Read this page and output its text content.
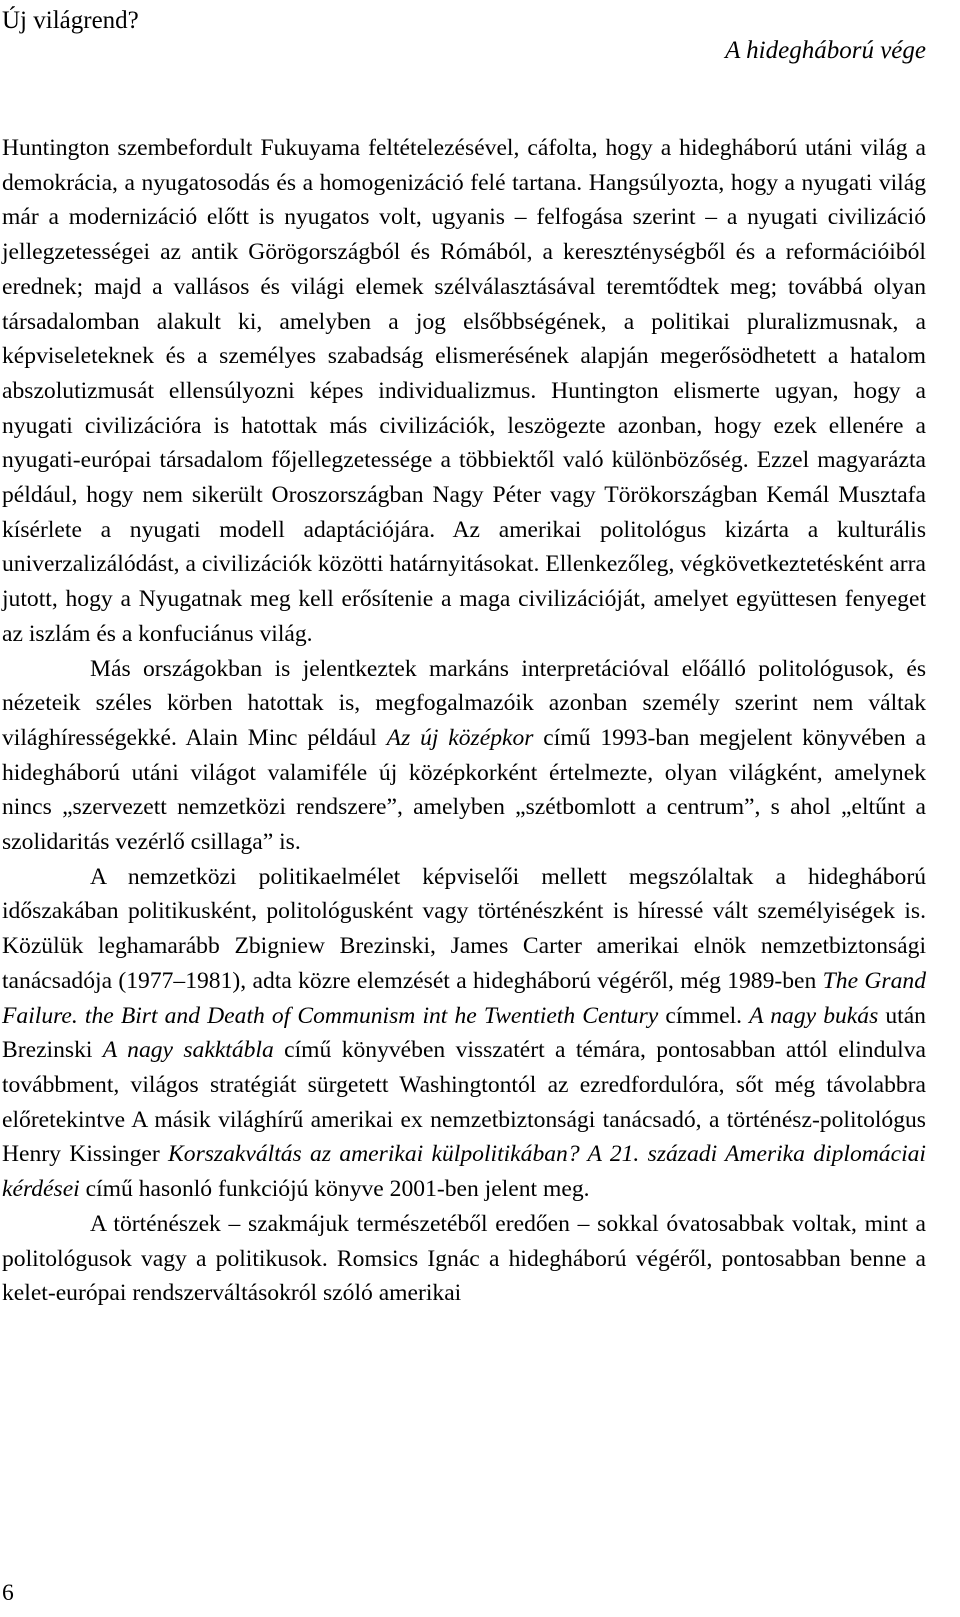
Új világrend?
A hidegháború vége

Huntington szembefordult Fukuyama feltételezésével, cáfolta, hogy a hidegháború utáni világ a demokrácia, a nyugatosodás és a homogenizáció felé tartana. Hangsúlyozta, hogy a nyugati világ már a modernizáció előtt is nyugatos volt, ugyanis – felfogása szerint – a nyugati civilizáció jellegzetességei az antik Görögországból és Rómából, a kereszténységből és a reformációiból erednek; majd a vallásos és világi elemek szélválasztásával teremtődtek meg; továbbá olyan társadalomban alakult ki, amelyben a jog elsőbbségének, a politikai pluralizmusnak, a képviseleteknek és a személyes szabadság elismerésének alapján megerősödhetett a hatalom abszolutizmusát ellensúlyozni képes individualizmus. Huntington elismerte ugyan, hogy a nyugati civilizációra is hatottak más civilizációk, leszögezte azonban, hogy ezek ellenére a nyugati-európai társadalom főjellegzetessége a többiektől való különbözőség. Ezzel magyarázta például, hogy nem sikerült Oroszországban Nagy Péter vagy Törökországban Kemál Musztafa kísérlete a nyugati modell adaptációjára. Az amerikai politológus kizárta a kulturális univerzalizálódást, a civilizációk közötti határnyitásokat. Ellenkezőleg, végkövetkeztetésként arra jutott, hogy a Nyugatnak meg kell erősítenie a maga civilizációját, amelyet együttesen fenyeget az iszlám és a konfuciánus világ.

Más országokban is jelentkeztek markáns interpretációval előálló politológusok, és nézeteik széles körben hatottak is, megfogalmazóik azonban személy szerint nem váltak világhírességekké. Alain Minc például Az új középkor című 1993-ban megjelent könyvében a hidegháború utáni világot valamiféle új középkorként értelmezte, olyan világként, amelynek nincs „szervezett nemzetközi rendszere”, amelyben „szétbomlott a centrum”, s ahol „eltűnt a szolidaritás vezérlő csillaga” is.

A nemzetközi politikaelmélet képviselői mellett megszólaltak a hidegháború időszakában politikusként, politológusként vagy történészként is híressé vált személyiségek is. Közülük leghamarább Zbigniew Brezinski, James Carter amerikai elnök nemzetbiztonsági tanácsadója (1977–1981), adta közre elemzését a hidegháború végéről, még 1989-ben The Grand Failure. the Birt and Death of Communism int he Twentieth Century címmel. A nagy bukás után Brezinski A nagy sakktábla című könyvében visszatért a témára, pontosabban attól elindulva továbbment, világos stratégiát sürgetett Washingtontól az ezredfordulóra, sőt még távolabbra előretekintve A másik világhírű amerikai ex nemzetbiztonsági tanácsadó, a történész-politológus Henry Kissinger Korszakváltás az amerikai külpolitikában? A 21. századi Amerika diplomáciai kérdései című hasonló funkciójú könyve 2001-ben jelent meg.

A történészek – szakmájuk természetéből eredően – sokkal óvatosabbak voltak, mint a politológusok vagy a politikusok. Romsics Ignác a hidegháború végéről, pontosabban benne a kelet-európai rendszerváltásokról szóló amerikai

6
